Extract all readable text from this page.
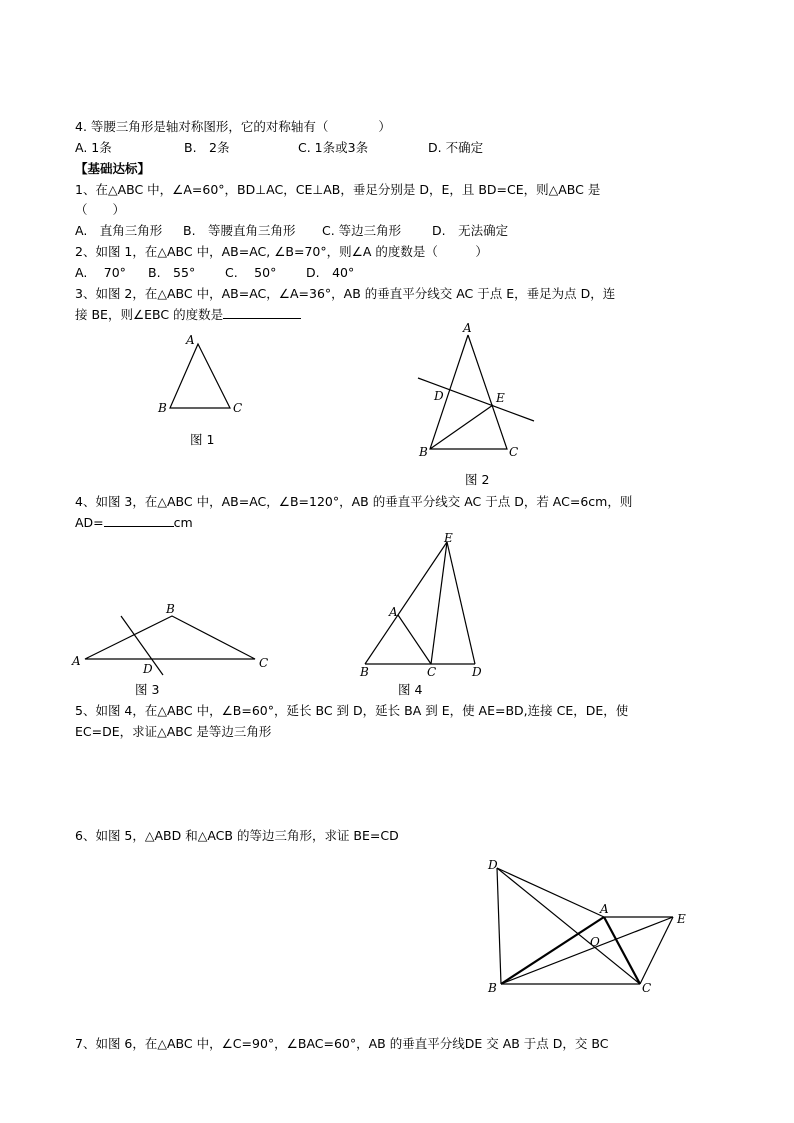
4. 等腰三角形是轴对称图形，它的对称轴有（　　　　）
A. 1条	B.　2条	C. 1条或3条	D. 不确定
【基础达标】
1、在△ABC 中，∠A=60°，BD⊥AC，CE⊥AB，垂足分别是 D，E，且 BD=CE，则△ABC 是
（　　）
A.　直角三角形 B.　等腰直角三角形 C. 等边三角形 D.　无法确定
2、如图 1，在△ABC 中，AB=AC, ∠B=70°，则∠A 的度数是（　　　）
A.　 70° B.　55° C.　 50° D.　40°
3、如图 2，在△ABC 中，AB=AC，∠A=36°，AB 的垂直平分线交 AC 于点 E，垂足为点 D，连
接 BE，则∠EBC 的度数是
A
B	C
图 1
A
D	E
B	C
图 2
4、如图 3，在△ABC 中，AB=AC，∠B=120°，AB 的垂直平分线交 AC 于点 D，若 AC=6cm，则
AD=	cm
B
A	C
D
图 3
E
A
B	C	D
图 4
5、如图 4，在△ABC 中，∠B=60°，延长 BC 到 D，延长 BA 到 E，使 AE=BD,连接 CE，DE，使
EC=DE，求证△ABC 是等边三角形
6、如图 5，△ABD 和△ACB 的等边三角形，求证 BE=CD
D
A
E
O
B	C
7、如图 6，在△ABC 中，∠C=90°，∠BAC=60°，AB 的垂直平分线DE 交 AB 于点 D，交 BC
